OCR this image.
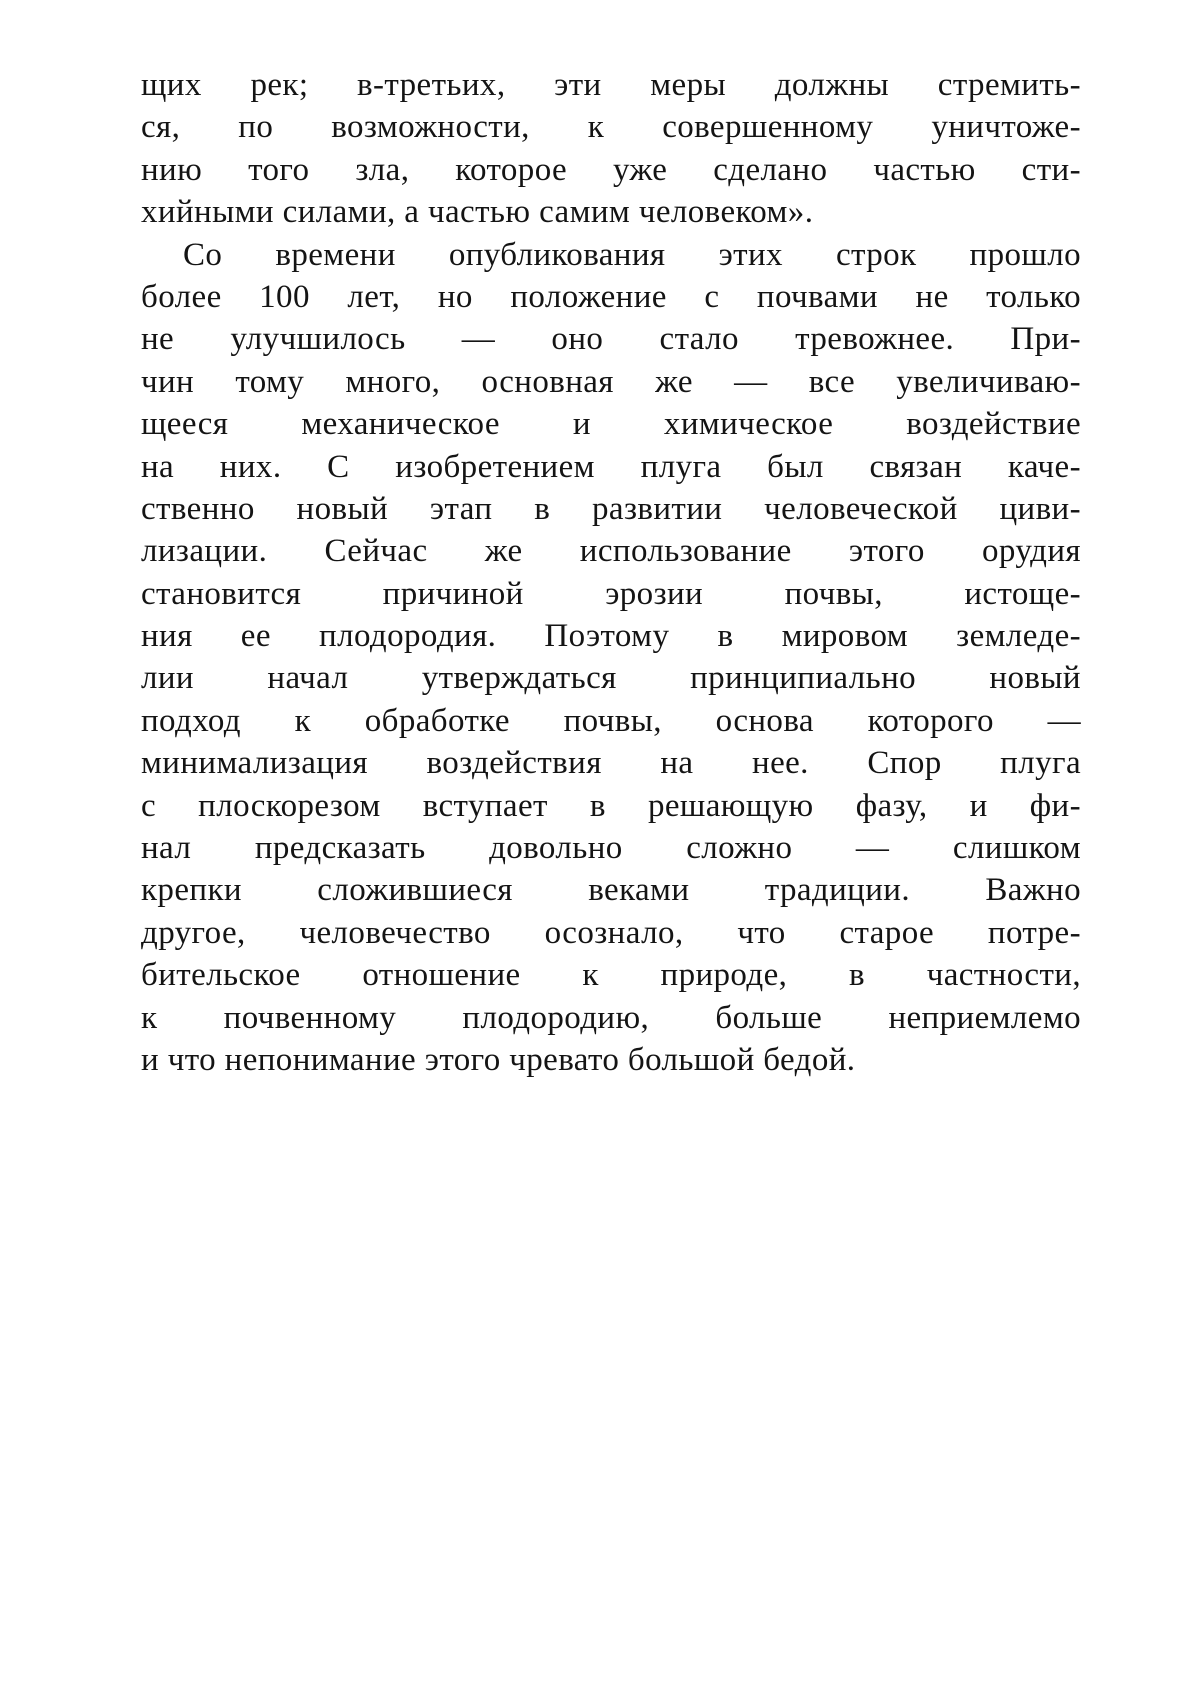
щих рек; в-третьих, эти меры должны стремить-
ся, по возможности, к совершенному уничтоже-
нию того зла, которое уже сделано частью сти-
хийными силами, а частью самим человеком».
Со времени опубликования этих строк прошло
более 100 лет, но положение с почвами не только
не улучшилось — оно стало тревожнее. При-
чин тому много, основная же — все увеличиваю-
щееся механическое и химическое воздействие
на них. С изобретением плуга был связан каче-
ственно новый этап в развитии человеческой циви-
лизации. Сейчас же использование этого орудия
становится причиной эрозии почвы, истоще-
ния ее плодородия. Поэтому в мировом земледе-
лии начал утверждаться принципиально новый
подход к обработке почвы, основа которого —
минимализация воздействия на нее. Спор плуга
с плоскорезом вступает в решающую фазу, и фи-
нал предсказать довольно сложно — слишком
крепки сложившиеся веками традиции. Важно
другое, человечество осознало, что старое потре-
бительское отношение к природе, в частности,
к почвенному плодородию, больше неприемлемо
и что непонимание этого чревато большой бедой.
